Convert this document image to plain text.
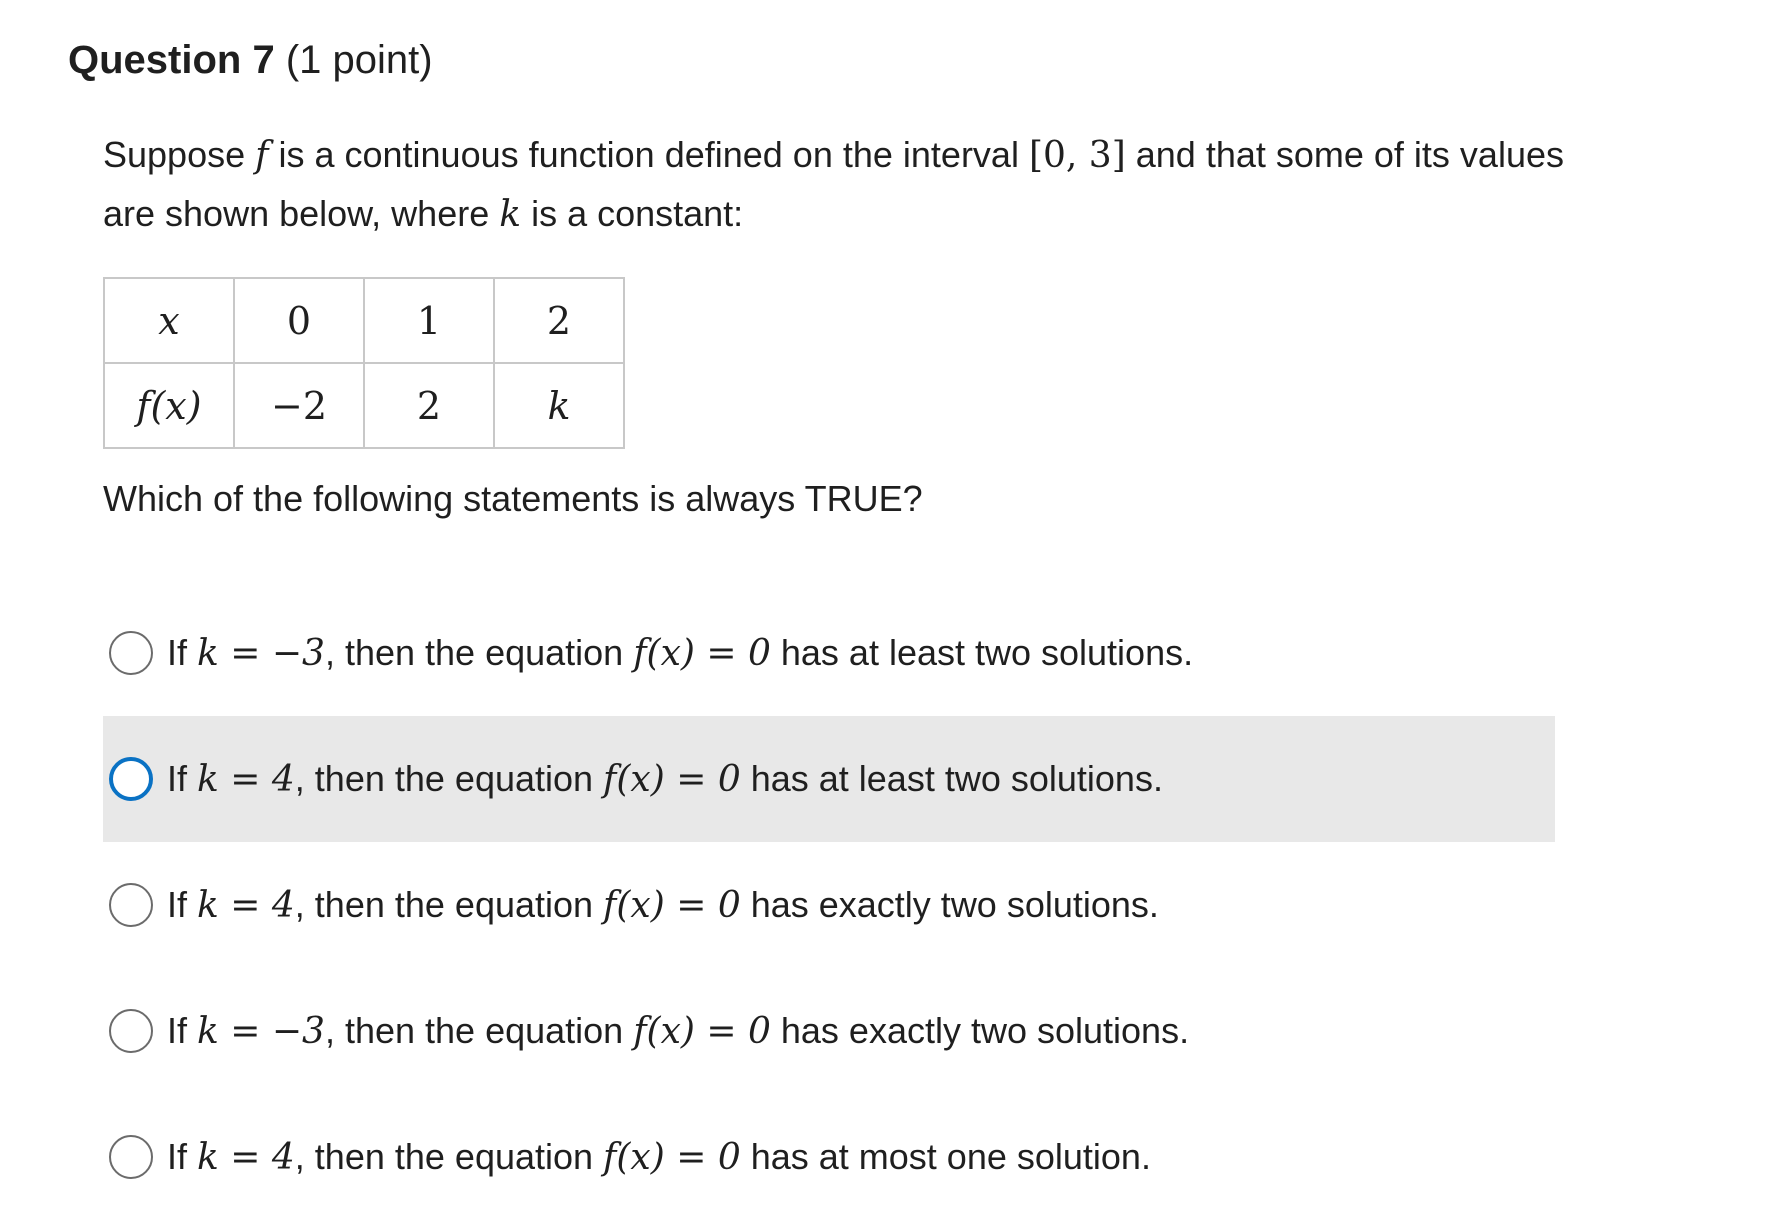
Question 7 (1 point)
Suppose f is a continuous function defined on the interval [0, 3] and that some of its values are shown below, where k is a constant:
x	0	1	2
f(x)	−2	2	k
Which of the following statements is always TRUE?
If k = −3, then the equation f(x) = 0 has at least two solutions.
If k = 4, then the equation f(x) = 0 has at least two solutions.
If k = 4, then the equation f(x) = 0 has exactly two solutions.
If k = −3, then the equation f(x) = 0 has exactly two solutions.
If k = 4, then the equation f(x) = 0 has at most one solution.
